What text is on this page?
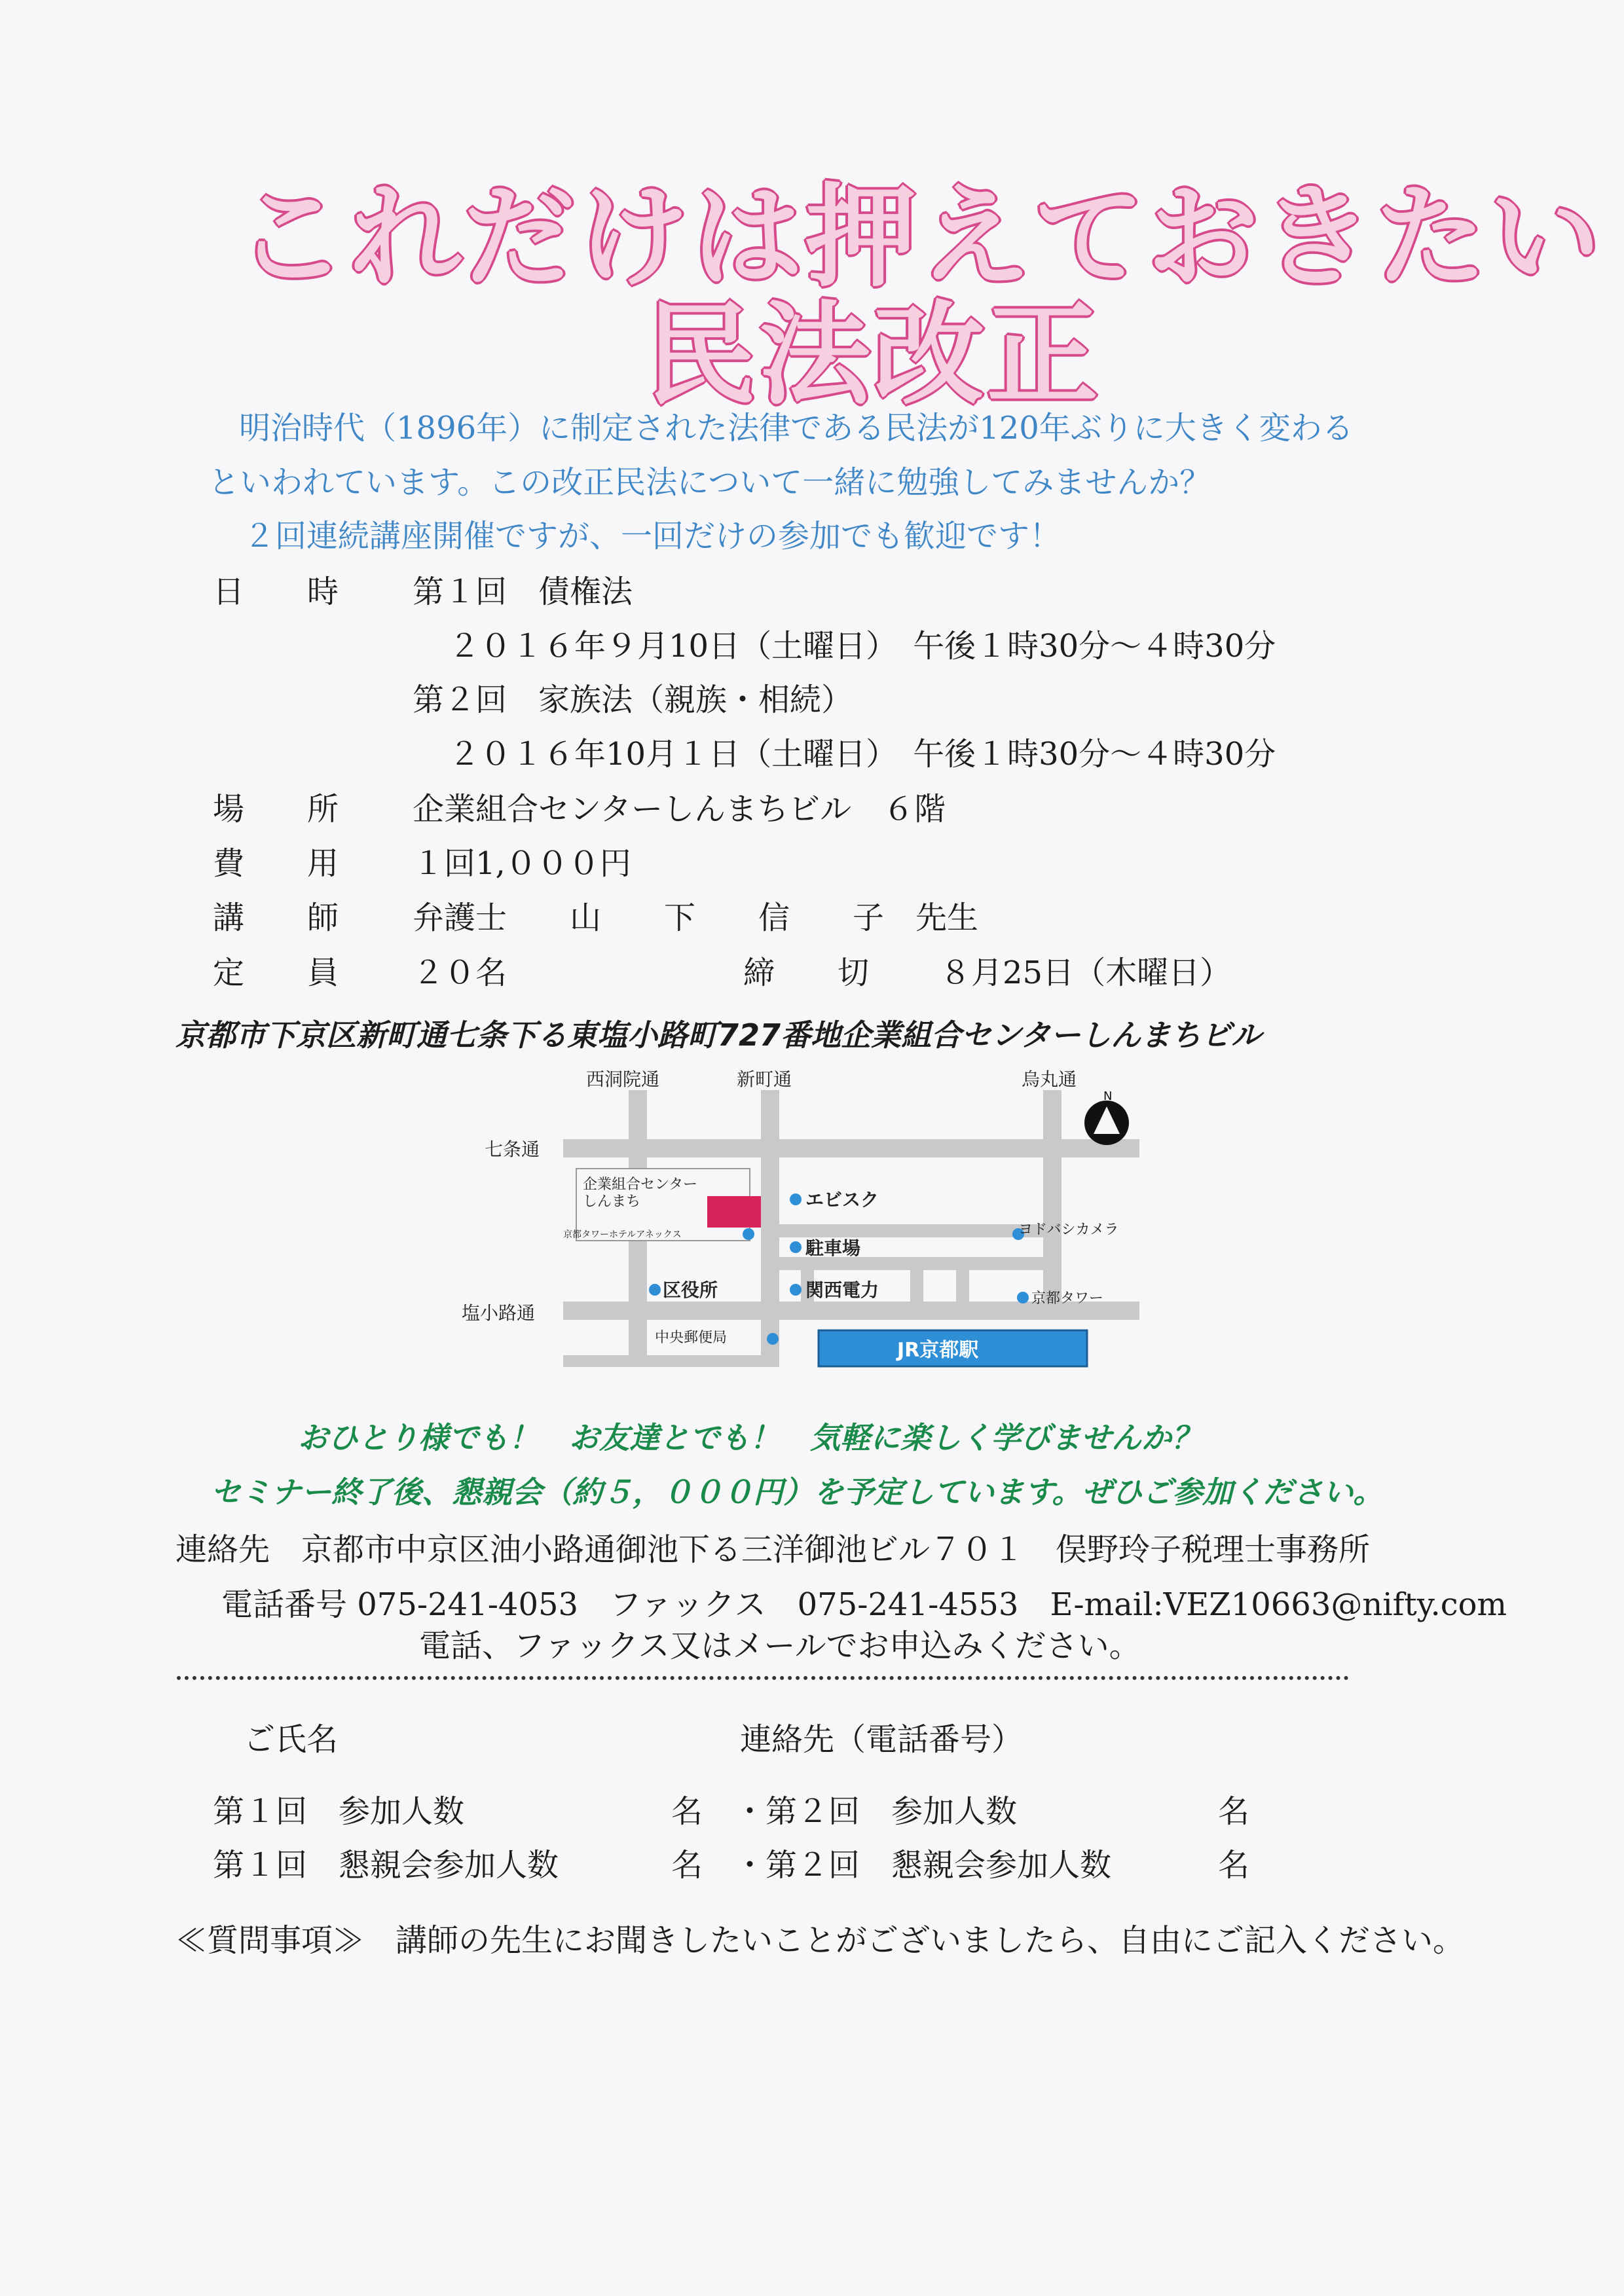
これだけは押えておきたい
民法改正
明治時代（1896年）に制定された法律である民法が120年ぶりに大きく変わる
といわれています。この改正民法について一緒に勉強してみませんか？
２回連続講座開催ですが、一回だけの参加でも歓迎です！
日　　時 第１回　債権法
２０１６年９月10日（土曜日）　午後１時30分～４時30分
第２回　家族法（親族・相続）
２０１６年10月１日（土曜日）　午後１時30分～４時30分
場　　所 企業組合センターしんまちビル　６階
費　　用 １回1,０００円
講　　師 弁護士　　山　　下　　信　　子　先生
定　　員 ２０名	締　　切 ８月25日（木曜日）
京都市下京区新町通七条下る東塩小路町727番地企業組合センターしんまちビル
N
西洞院通	新町通	烏丸通
七条通
塩小路通
企業組合センター
しんまち	エビスク
京都タワーホテルアネックス
駐車場
ヨドバシカメラ
区役所	関西電力	京都タワー
中央郵便局
JR京都駅
おひとり様でも！　お友達とでも！　気軽に楽しく学びませんか？
セミナー終了後、懇親会（約５，０００円）を予定しています。ぜひご参加ください。
連絡先　京都市中京区油小路通御池下る三洋御池ビル７０１　俣野玲子税理士事務所
電話番号 075-241-4053　ファックス　075-241-4553　E-mail:VEZ10663@nifty.com
電話、ファックス又はメールでお申込みください。
ご氏名	連絡先（電話番号）
第１回　参加人数	名　・第２回　参加人数	名
第１回　懇親会参加人数	名　・第２回　懇親会参加人数	名
≪質問事項≫　講師の先生にお聞きしたいことがございましたら、自由にご記入ください。
